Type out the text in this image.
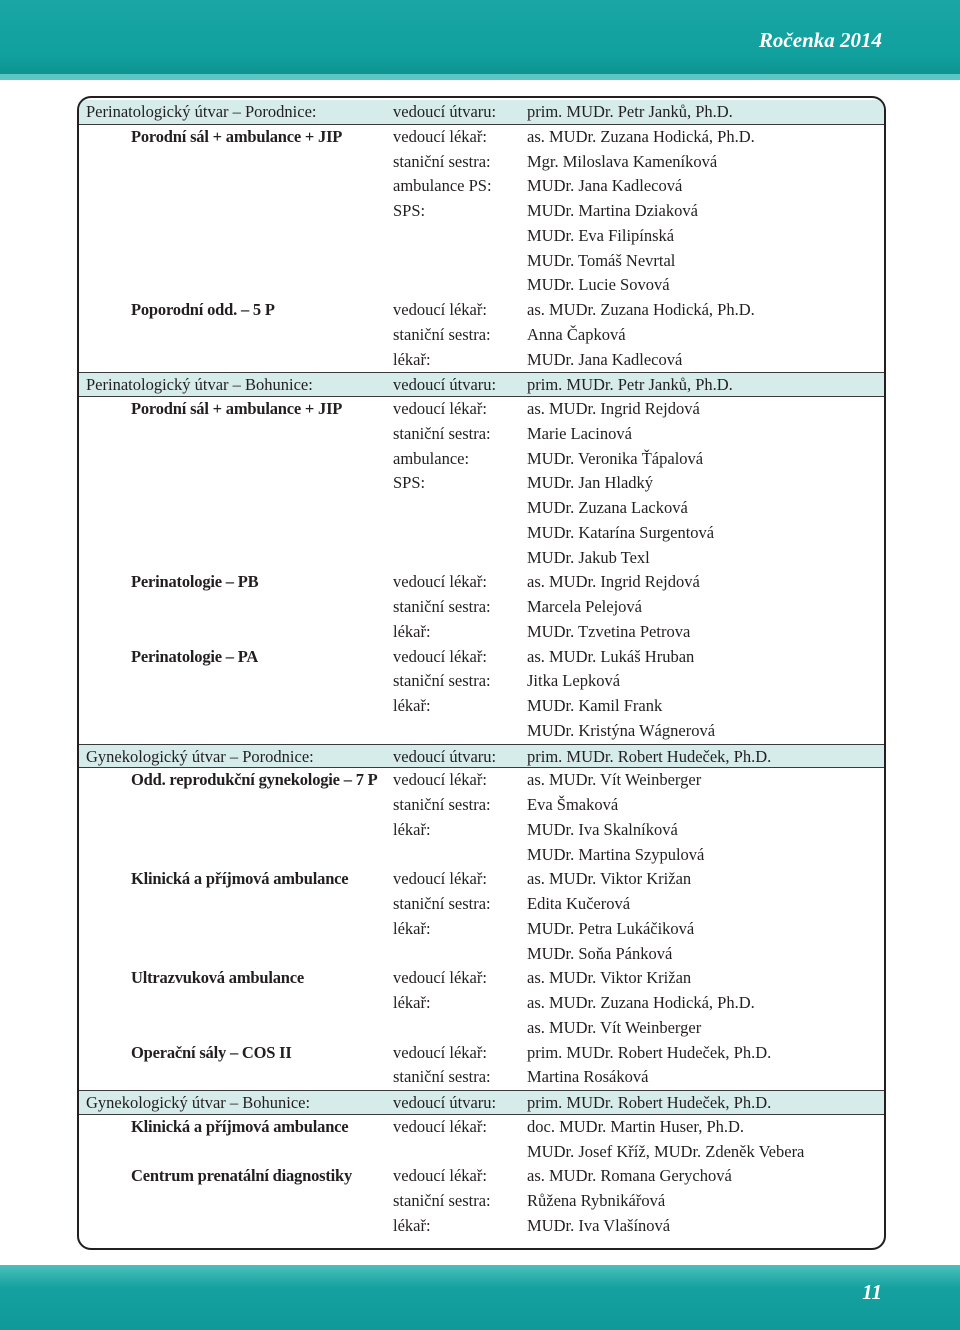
Ročenka 2014
Perinatologický útvar – Porodnice:	vedoucí útvaru: prim. MUDr. Petr Janků, Ph.D.
Porodní sál + ambulance + JIP	vedoucí lékař: as. MUDr. Zuzana Hodická, Ph.D.
staniční sestra: Mgr. Miloslava Kameníková
ambulance PS: MUDr. Jana Kadlecová
SPS:	MUDr. Martina Dziaková
MUDr. Eva Filipínská
MUDr. Tomáš Nevrtal
MUDr. Lucie Sovová
Poporodní odd. – 5 P	vedoucí lékař: as. MUDr. Zuzana Hodická, Ph.D.
staniční sestra: Anna Čapková
lékař:	MUDr. Jana Kadlecová
Perinatologický útvar – Bohunice:	vedoucí útvaru: prim. MUDr. Petr Janků, Ph.D.
Porodní sál + ambulance + JIP	vedoucí lékař: as. MUDr. Ingrid Rejdová
staniční sestra: Marie Lacinová
ambulance:	MUDr. Veronika Ťápalová
SPS:	MUDr. Jan Hladký
MUDr. Zuzana Lacková
MUDr. Katarína Surgentová
MUDr. Jakub Texl
Perinatologie – PB	vedoucí lékař: as. MUDr. Ingrid Rejdová
staniční sestra: Marcela Pelejová
lékař:	MUDr. Tzvetina Petrova
Perinatologie – PA	vedoucí lékař: as. MUDr. Lukáš Hruban
staniční sestra: Jitka Lepková
lékař:	MUDr. Kamil Frank
MUDr. Kristýna Wágnerová
Gynekologický útvar – Porodnice:	vedoucí útvaru: prim. MUDr. Robert Hudeček, Ph.D.
Odd. reprodukční gynekologie – 7 P vedoucí lékař: as. MUDr. Vít Weinberger
staniční sestra: Eva Šmaková
lékař:	MUDr. Iva Skalníková
MUDr. Martina Szypulová
Klinická a příjmová ambulance	vedoucí lékař: as. MUDr. Viktor Križan
staniční sestra: Edita Kučerová
lékař:	MUDr. Petra Lukáčiková
MUDr. Soňa Pánková
Ultrazvuková ambulance	vedoucí lékař: as. MUDr. Viktor Križan
lékař:	as. MUDr. Zuzana Hodická, Ph.D.
as. MUDr. Vít Weinberger
Operační sály – COS II	vedoucí lékař: prim. MUDr. Robert Hudeček, Ph.D.
staniční sestra: Martina Rosáková
Gynekologický útvar – Bohunice:	vedoucí útvaru: prim. MUDr. Robert Hudeček, Ph.D.
Klinická a příjmová ambulance	vedoucí lékař: doc. MUDr. Martin Huser, Ph.D.
MUDr. Josef Kříž, MUDr. Zdeněk Vebera
Centrum prenatální diagnostiky vedoucí lékař: as. MUDr. Romana Gerychová
staniční sestra: Růžena Rybnikářová
lékař:	MUDr. Iva Vlašínová
11
